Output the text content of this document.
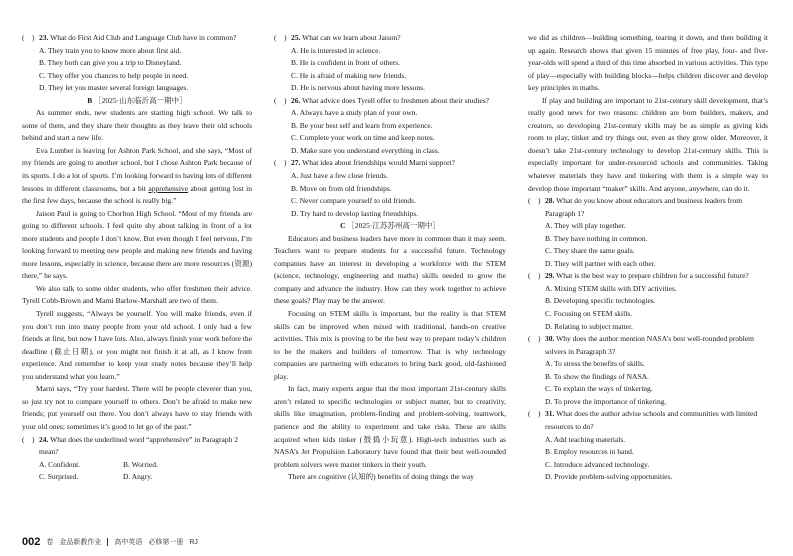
(　) 23. What do First Aid Club and Language Club have in common?
A. They train you to know more about first aid.
B. They both can give you a trip to Disneyland.
C. They offer you chances to help people in need.
D. They let you master several foreign languages.
B ［2025·山东临沂高一期中］
As summer ends, new students are starting high school. We talk to some of them, and they share their thoughts as they leave their old schools behind and start a new life.
Eva Lumber is leaving for Ashton Park School, and she says, “Most of my friends are going to another school, but I chose Ashton Park because of its sports. I do a lot of sports. I’m looking forward to having lots of different lessons in different classrooms, but a bit apprehensive about getting lost in the first few days, because the school is really big.”
Jaison Paul is going to Chorlton High School. “Most of my friends are going to different schools. I feel quite shy about talking in front of a lot more students and people I don’t know. But even though I feel nervous, I’m looking forward to meeting new people and making new friends and having more lessons, especially in science, because there are more resources (资源) there,” he says.
We also talk to some older students, who offer freshmen their advice. Tyrell Cobb-Brown and Marni Barlow-Marshall are two of them.
Tyrell suggests, “Always be yourself. You will make friends, even if you don’t run into many people from your old school. I only had a few friends at first, but now I have lots. Also, always finish your work before the deadline (截止日期), or you might not finish it at all, as I know from experience. And remember to keep your study notes because they’ll help you understand what you learn.”
Marni says, “Try your hardest. There will be people cleverer than you, so just try not to compare yourself to others. Don’t be afraid to make new friends; put yourself out there. You don’t always have to stay friends with your old ones; sometimes it’s good to let go of the past.”
(　) 24. What does the underlined word “apprehensive” in Paragraph 2 mean?
A. Confident.	B. Worried.
C. Surprised.	D. Angry.
(　) 25. What can we learn about Jaison?
A. He is interested in science.
B. He is confident in front of others.
C. He is afraid of making new friends.
D. He is nervous about having more lessons.
(　) 26. What advice does Tyrell offer to freshmen about their studies?
A. Always have a study plan of your own.
B. Be your best self and learn from experience.
C. Complete your work on time and keep notes.
D. Make sure you understand everything in class.
(　) 27. What idea about friendships would Marni support?
A. Just have a few close friends.
B. Move on from old friendships.
C. Never compare yourself to old friends.
D. Try hard to develop lasting friendships.
C ［2025·江苏苏州高一期中］
Educators and business leaders have more in common than it may seem. Teachers want to prepare students for a successful future. Technology companies have an interest in developing a workforce with the STEM (science, technology, engineering and maths) skills needed to grow the company and advance the industry. How can they work together to achieve these goals? Play may be the answer.
Focusing on STEM skills is important, but the reality is that STEM skills can be improved when mixed with traditional, hands-on creative activities. This mix is proving to be the best way to prepare today’s children to be the makers and builders of tomorrow. That is why technology companies are partnering with educators to bring back good, old-fashioned play.
In fact, many experts argue that the most important 21st-century skills aren’t related to specific technologies or subject matter, but to creativity, skills like imagination, problem-finding and problem-solving, teamwork, patience and the ability to experiment and take risks. These are skills acquired when kids tinker (鼓捣小玩意). High-tech industries such as NASA’s Jet Propulsion Laboratory have found that their best well-rounded problem solvers were master tinkers in their youth.
There are cognitive (认知的) benefits of doing things the way
we did as children—building something, tearing it down, and then building it up again. Research shows that given 15 minutes of free play, four- and five-year-olds will spend a third of this time absorbed in various activities. This type of play—especially with building blocks—helps children discover and develop key principles in maths.
If play and building are important to 21st-century skill development, that’s really good news for two reasons: children are born builders, makers, and creators, so developing 21st-century skills may be as simple as giving kids room to play, tinker and try things out, even as they grow older. Moreover, it doesn’t take 21st-century technology to develop 21st-century skills. This is especially important for under-resourced schools and communities. Taking whatever materials they have and tinkering with them is a simple way to develop those important “maker” skills. And anyone, anywhere, can do it.
(　) 28. What do you know about educators and business leaders from Paragraph 1?
A. They will play together.
B. They have nothing in common.
C. They share the same goals.
D. They will partner with each other.
(　) 29. What is the best way to prepare children for a successful future?
A. Mixing STEM skills with DIY activities.
B. Developing specific technologies.
C. Focusing on STEM skills.
D. Relating to subject matter.
(　) 30. Why does the author mention NASA’s best well-rounded problem solvers in Paragraph 3?
A. To stress the benefits of skills.
B. To show the findings of NASA.
C. To explain the ways of tinkering.
D. To prove the importance of tinkering.
(　) 31. What does the author advise schools and communities with limited resources to do?
A. Add teaching materials.
B. Employ resources in hand.
C. Introduce advanced technology.
D. Provide problem-solving opportunities.
002 卷 金品新教作业 高中英语 必修第一册 RJ
